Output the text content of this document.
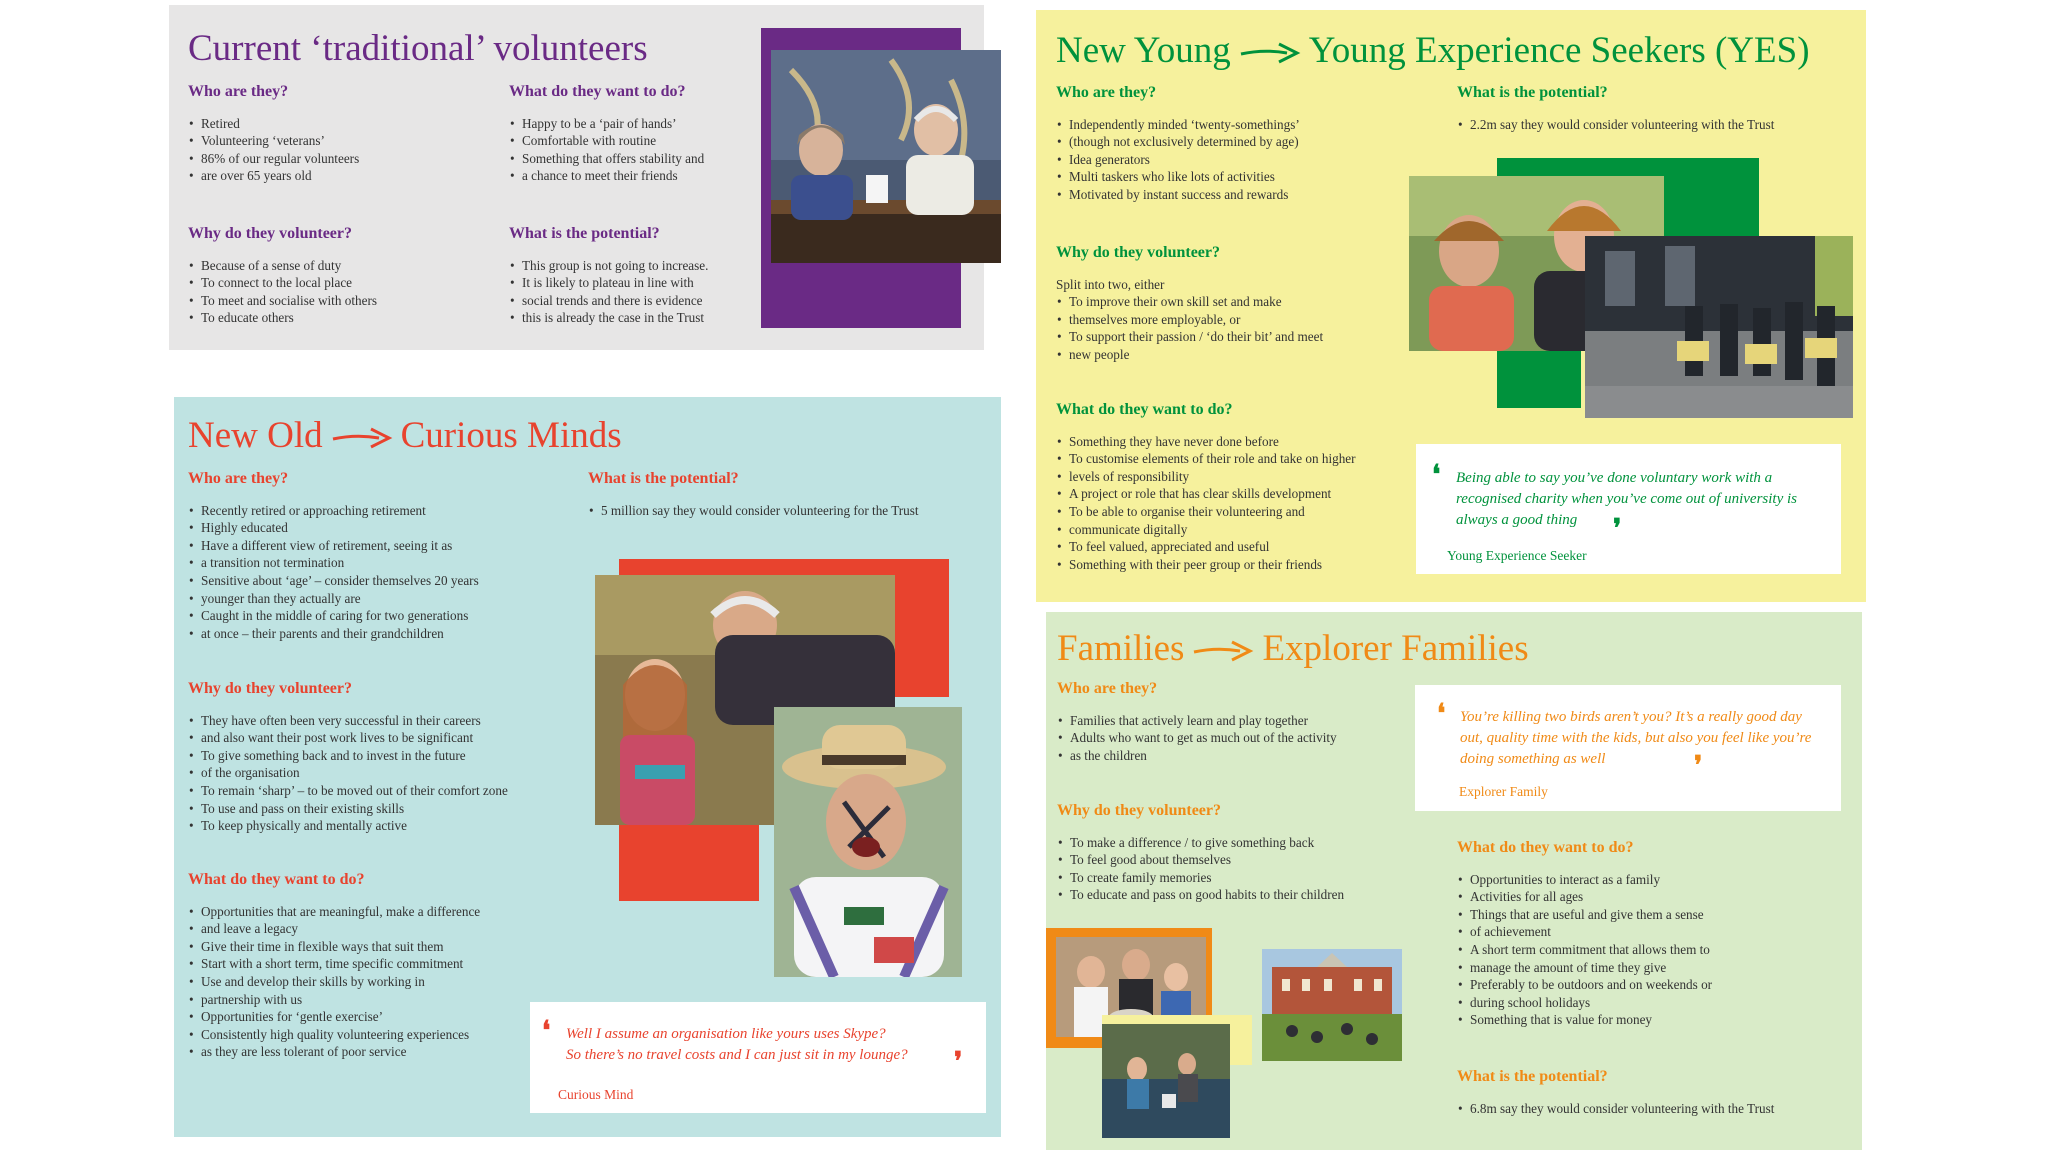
Current ‘traditional’ volunteers
Who are they?
• Retired
• Volunteering ‘veterans’
• 86% of our regular volunteers
• are over 65 years old
What do they want to do?
• Happy to be a ‘pair of hands’
• Comfortable with routine
• Something that offers stability and
• a chance to meet their friends
Why do they volunteer?
• Because of a sense of duty
• To connect to the local place
• To meet and socialise with others
• To educate others
What is the potential?
• This group is not going to increase.
• It is likely to plateau in line with
• social trends and there is evidence
• this is already the case in the Trust
New Young Young Experience Seekers (YES)
Who are they?
• Independently minded ‘twenty-somethings’
• (though not exclusively determined by age)
• Idea generators
• Multi taskers who like lots of activities
• Motivated by instant success and rewards
What is the potential?
• 2.2m say they would consider volunteering with the Trust
Why do they volunteer?

Split into two, either

• To improve their own skill set and make
• themselves more employable, or
• To support their passion / ‘do their bit’ and meet
• new people
What do they want to do?
• Something they have never done before
• To customise elements of their role and take on higher
• levels of responsibility
• A project or role that has clear skills development
• To be able to organise their volunteering and
• communicate digitally
• To feel valued, appreciated and useful
• Something with their peer group or their friends
❛ Being able to say you’ve done voluntary work with a recognised charity when you’ve come out of university is always a good thing ❜
Young Experience Seeker
New Old Curious Minds
Who are they?
• Recently retired or approaching retirement
• Highly educated
• Have a different view of retirement, seeing it as
• a transition not termination
• Sensitive about ‘age’ – consider themselves 20 years
• younger than they actually are
• Caught in the middle of caring for two generations
• at once – their parents and their grandchildren
What is the potential?
• 5 million say they would consider volunteering for the Trust
Why do they volunteer?
• They have often been very successful in their careers
• and also want their post work lives to be significant
• To give something back and to invest in the future
• of the organisation
• To remain ‘sharp’ – to be moved out of their comfort zone
• To use and pass on their existing skills
• To keep physically and mentally active
What do they want to do?
• Opportunities that are meaningful, make a difference
• and leave a legacy
• Give their time in flexible ways that suit them
• Start with a short term, time specific commitment
• Use and develop their skills by working in
• partnership with us
• Opportunities for ‘gentle exercise’
• Consistently high quality volunteering experiences
• as they are less tolerant of poor service
❛ Well I assume an organisation like yours uses Skype?
So there’s no travel costs and I can just sit in my lounge?	❜
Curious Mind
Families Explorer Families
Who are they?
• Families that actively learn and play together
• Adults who want to get as much out of the activity
• as the children
Why do they volunteer?
• To make a difference / to give something back
• To feel good about themselves
• To create family memories
• To educate and pass on good habits to their children
What do they want to do?
• Opportunities to interact as a family
• Activities for all ages
• Things that are useful and give them a sense
• of achievement
• A short term commitment that allows them to
• manage the amount of time they give
• Preferably to be outdoors and on weekends or
• during school holidays
• Something that is value for money
What is the potential?
• 6.8m say they would consider volunteering with the Trust
❛ You’re killing two birds aren’t you? It’s a really good day out, quality time with the kids, but also you feel like you’re doing something as well	❜
Explorer Family
